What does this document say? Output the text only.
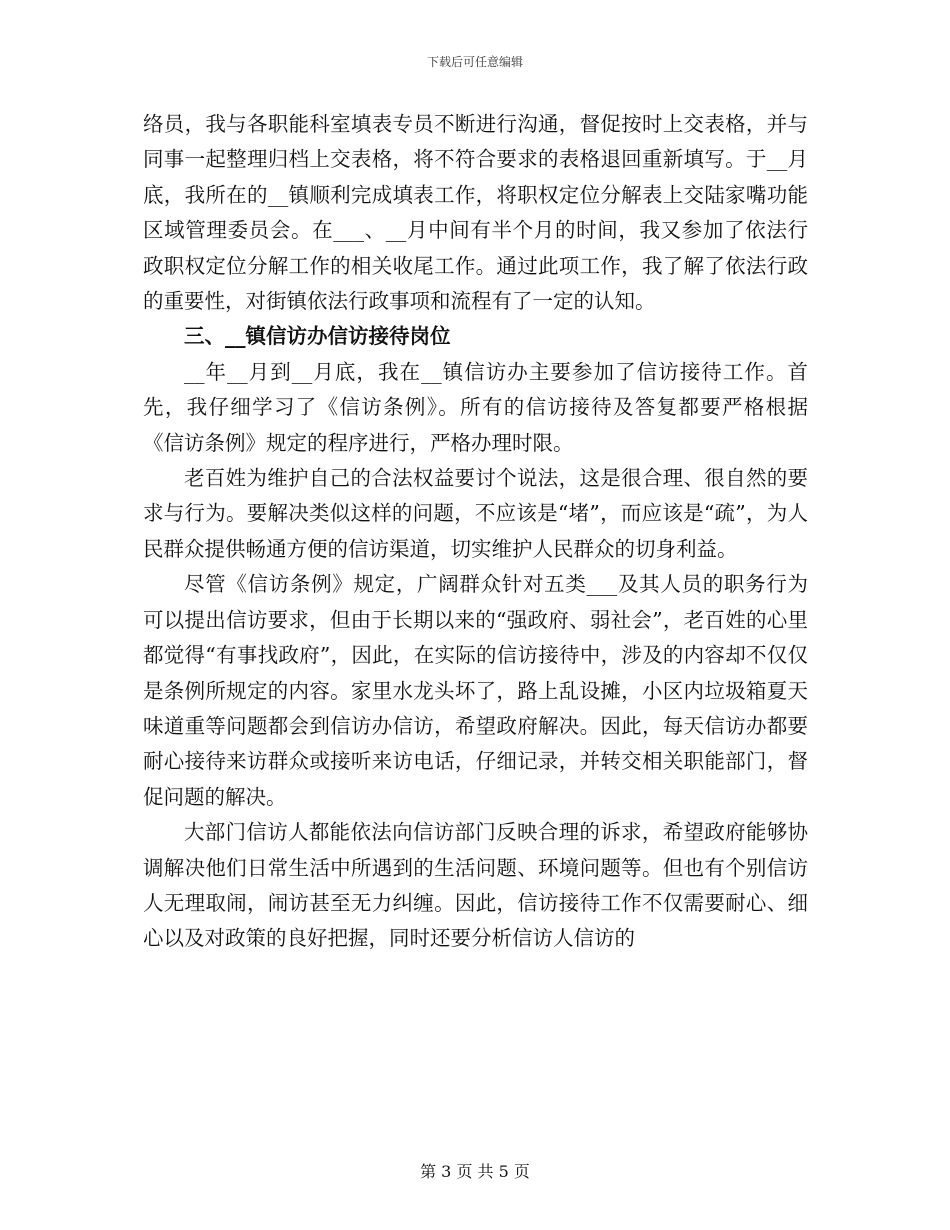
下载后可任意编辑

络员，我与各职能科室填表专员不断进行沟通，督促按时上交表格，并与同事一起整理归档上交表格，将不符合要求的表格退回重新填写。于__月底，我所在的__镇顺利完成填表工作，将职权定位分解表上交陆家嘴功能区域管理委员会。在___、__月中间有半个月的时间，我又参加了依法行政职权定位分解工作的相关收尾工作。通过此项工作，我了解了依法行政的重要性，对街镇依法行政事项和流程有了一定的认知。

三、__镇信访办信访接待岗位

__年__月到__月底，我在__镇信访办主要参加了信访接待工作。首先，我仔细学习了《信访条例》。所有的信访接待及答复都要严格根据《信访条例》规定的程序进行，严格办理时限。

老百姓为维护自己的合法权益要讨个说法，这是很合理、很自然的要求与行为。要解决类似这样的问题，不应该是“堵”，而应该是“疏”，为人民群众提供畅通方便的信访渠道，切实维护人民群众的切身利益。

尽管《信访条例》规定，广阔群众针对五类___及其人员的职务行为可以提出信访要求，但由于长期以来的“强政府、弱社会”，老百姓的心里都觉得“有事找政府”，因此，在实际的信访接待中，涉及的内容却不仅仅是条例所规定的内容。家里水龙头坏了，路上乱设摊，小区内垃圾箱夏天味道重等问题都会到信访办信访，希望政府解决。因此，每天信访办都要耐心接待来访群众或接听来访电话，仔细记录，并转交相关职能部门，督促问题的解决。

大部门信访人都能依法向信访部门反映合理的诉求，希望政府能够协调解决他们日常生活中所遇到的生活问题、环境问题等。但也有个别信访人无理取闹，闹访甚至无力纠缠。因此，信访接待工作不仅需要耐心、细心以及对政策的良好把握，同时还要分析信访人信访的

第 3 页 共 5 页
